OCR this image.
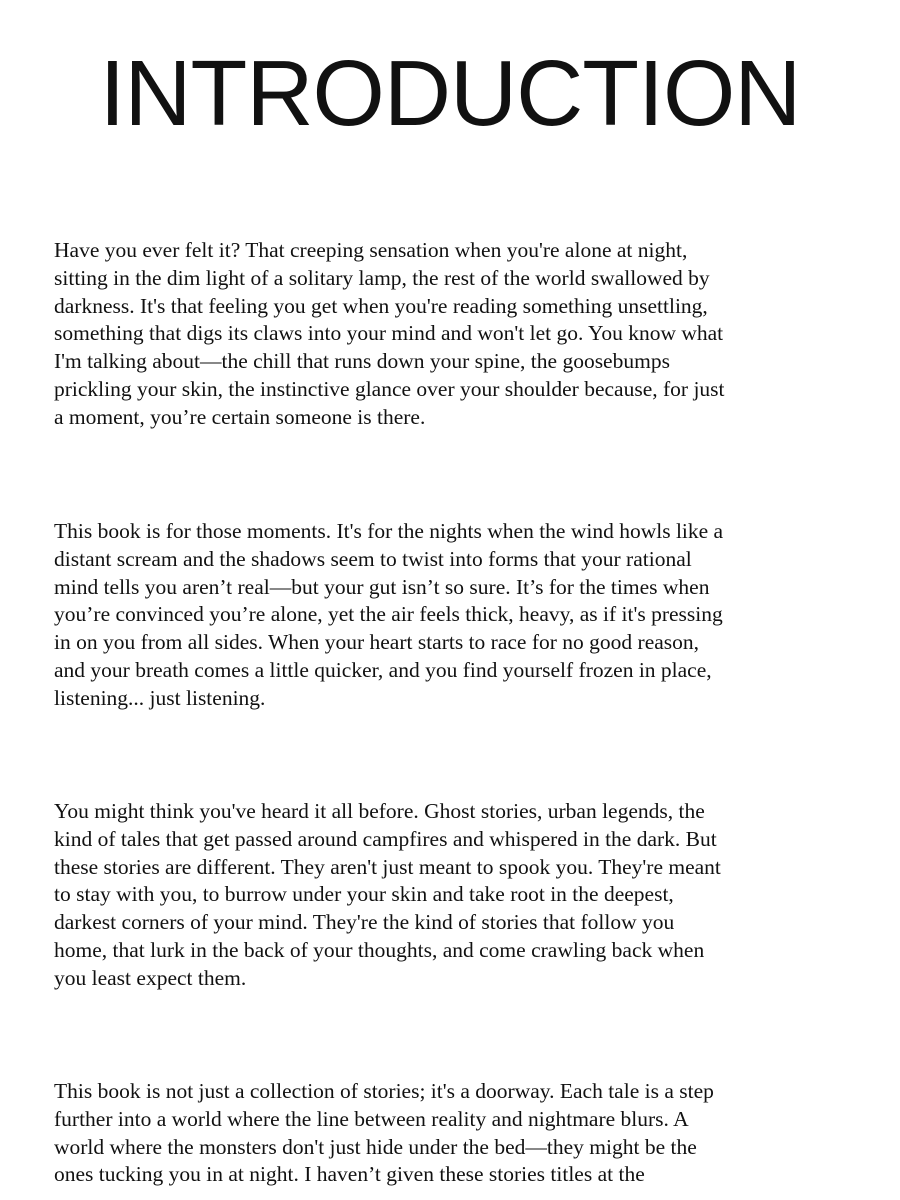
INTRODUCTION

Have you ever felt it? That creeping sensation when you're alone at night,
sitting in the dim light of a solitary lamp, the rest of the world swallowed by
darkness. It's that feeling you get when you're reading something unsettling,
something that digs its claws into your mind and won't let go. You know what
I'm talking about—the chill that runs down your spine, the goosebumps
prickling your skin, the instinctive glance over your shoulder because, for just
a moment, you’re certain someone is there.

This book is for those moments. It's for the nights when the wind howls like a
distant scream and the shadows seem to twist into forms that your rational
mind tells you aren’t real—but your gut isn’t so sure. It’s for the times when
you’re convinced you’re alone, yet the air feels thick, heavy, as if it's pressing
in on you from all sides. When your heart starts to race for no good reason,
and your breath comes a little quicker, and you find yourself frozen in place,
listening... just listening.

You might think you've heard it all before. Ghost stories, urban legends, the
kind of tales that get passed around campfires and whispered in the dark. But
these stories are different. They aren't just meant to spook you. They're meant
to stay with you, to burrow under your skin and take root in the deepest,
darkest corners of your mind. They're the kind of stories that follow you
home, that lurk in the back of your thoughts, and come crawling back when
you least expect them.

This book is not just a collection of stories; it's a doorway. Each tale is a step
further into a world where the line between reality and nightmare blurs. A
world where the monsters don't just hide under the bed—they might be the
ones tucking you in at night. I haven’t given these stories titles at the
